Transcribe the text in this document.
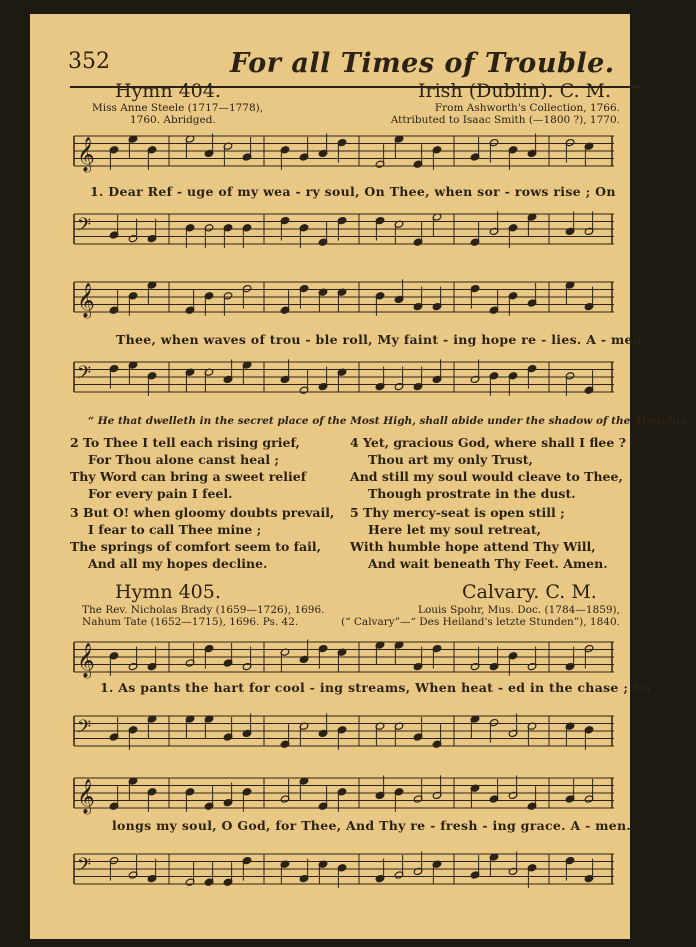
352	For all Times of Trouble.
Hymn 404.
Miss Anne Steele (1717—1778),
1760. Abridged.
Irish (Dublin). C. M.
From Ashworth's Collection, 1766.
Attributed to Isaac Smith (—1800 ?), 1770.
𝄞
1. Dear Ref - uge of my wea - ry soul, On Thee, when sor - rows rise ; On
𝄢
𝄞
Thee, when waves of trou - ble roll, My faint - ing hope re - lies. A - men.
𝄢
“ He that dwelleth in the secret place of the Most High, shall abide under the shadow of the Almighty.”
2 To Thee I tell each rising grief,
For Thou alone canst heal ;
Thy Word can bring a sweet relief
For every pain I feel.
3 But O! when gloomy doubts prevail,
I fear to call Thee mine ;
The springs of comfort seem to fail,
And all my hopes decline.
4 Yet, gracious God, where shall I flee ?
Thou art my only Trust,
And still my soul would cleave to Thee,
Though prostrate in the dust.
5 Thy mercy-seat is open still ;
Here let my soul retreat,
With humble hope attend Thy Will,
And wait beneath Thy Feet. Amen.
Hymn 405.
The Rev. Nicholas Brady (1659—1726), 1696.
Nahum Tate (1652—1715), 1696. Ps. 42.
Calvary. C. M.
Louis Spohr, Mus. Doc. (1784—1859),
(“ Calvary”—“ Des Heiland's letzte Stunden”), 1840.
𝄞
1. As pants the hart for cool - ing streams, When heat - ed in the chase ; So
𝄢
𝄞
longs my soul, O God, for Thee, And Thy re - fresh - ing grace. A - men.
𝄢
